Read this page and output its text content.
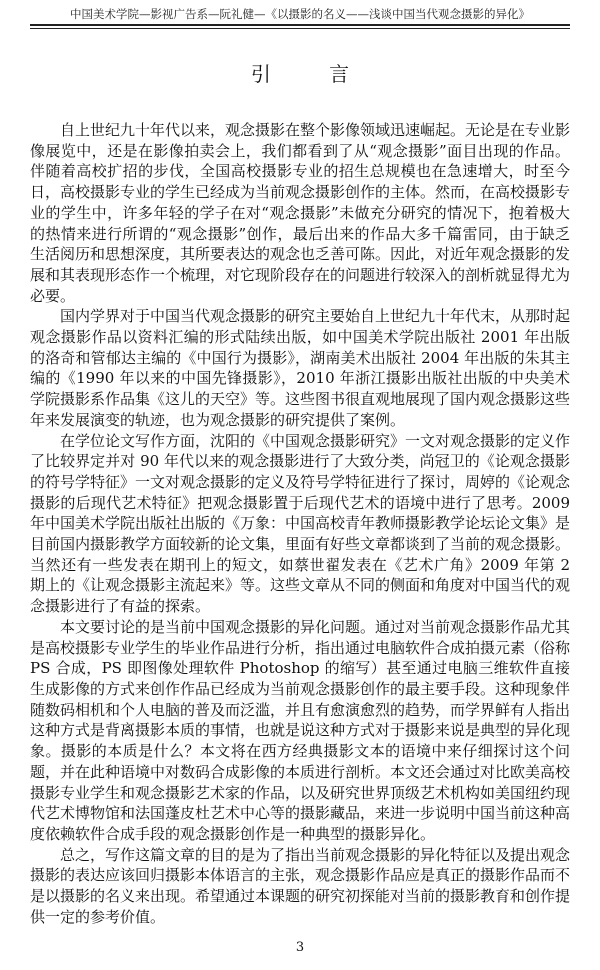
中国美术学院—影视广告系—阮礼健—《以摄影的名义——浅谈中国当代观念摄影的异化》
引 言

自上世纪九十年代以来，观念摄影在整个影像领域迅速崛起。无论是在专业影像展览中，还是在影像拍卖会上，我们都看到了从“观念摄影”面目出现的作品。伴随着高校扩招的步伐，全国高校摄影专业的招生总规模也在急速增大，时至今日，高校摄影专业的学生已经成为当前观念摄影创作的主体。然而，在高校摄影专业的学生中，许多年轻的学子在对“观念摄影”未做充分研究的情况下，抱着极大的热情来进行所谓的“观念摄影”创作，最后出来的作品大多千篇雷同，由于缺乏生活阅历和思想深度，其所要表达的观念也乏善可陈。因此，对近年观念摄影的发展和其表现形态作一个梳理，对它现阶段存在的问题进行较深入的剖析就显得尤为必要。

国内学界对于中国当代观念摄影的研究主要始自上世纪九十年代末，从那时起观念摄影作品以资料汇编的形式陆续出版，如中国美术学院出版社 2001 年出版的洛奇和管郁达主编的《中国行为摄影》，湖南美术出版社 2004 年出版的朱其主编的《1990 年以来的中国先锋摄影》，2010 年浙江摄影出版社出版的中央美术学院摄影系作品集《这儿的天空》等。这些图书很直观地展现了国内观念摄影这些年来发展演变的轨迹，也为观念摄影的研究提供了案例。

在学位论文写作方面，沈阳的《中国观念摄影研究》一文对观念摄影的定义作了比较界定并对 90 年代以来的观念摄影进行了大致分类，尚冠卫的《论观念摄影的符号学特征》一文对观念摄影的定义及符号学特征进行了探讨，周婷的《论观念摄影的后现代艺术特征》把观念摄影置于后现代艺术的语境中进行了思考。2009 年中国美术学院出版社出版的《万象：中国高校青年教师摄影教学论坛论文集》是目前国内摄影教学方面较新的论文集，里面有好些文章都谈到了当前的观念摄影。当然还有一些发表在期刊上的短文，如蔡世翟发表在《艺术广角》2009 年第 2 期上的《让观念摄影主流起来》等。这些文章从不同的侧面和角度对中国当代的观念摄影进行了有益的探索。

本文要讨论的是当前中国观念摄影的异化问题。通过对当前观念摄影作品尤其是高校摄影专业学生的毕业作品进行分析，指出通过电脑软件合成拍摄元素（俗称 PS 合成，PS 即图像处理软件 Photoshop 的缩写）甚至通过电脑三维软件直接生成影像的方式来创作作品已经成为当前观念摄影创作的最主要手段。这种现象伴随数码相机和个人电脑的普及而泛滥，并且有愈演愈烈的趋势，而学界鲜有人指出这种方式是背离摄影本质的事情，也就是说这种方式对于摄影来说是典型的异化现象。摄影的本质是什么？本文将在西方经典摄影文本的语境中来仔细探讨这个问题，并在此种语境中对数码合成影像的本质进行剖析。本文还会通过对比欧美高校摄影专业学生和观念摄影艺术家的作品，以及研究世界顶级艺术机构如美国纽约现代艺术博物馆和法国蓬皮杜艺术中心等的摄影藏品，来进一步说明中国当前这种高度依赖软件合成手段的观念摄影创作是一种典型的摄影异化。

总之，写作这篇文章的目的是为了指出当前观念摄影的异化特征以及提出观念摄影的表达应该回归摄影本体语言的主张，观念摄影作品应是真正的摄影作品而不是以摄影的名义来出现。希望通过本课题的研究初探能对当前的摄影教育和创作提供一定的参考价值。

3
